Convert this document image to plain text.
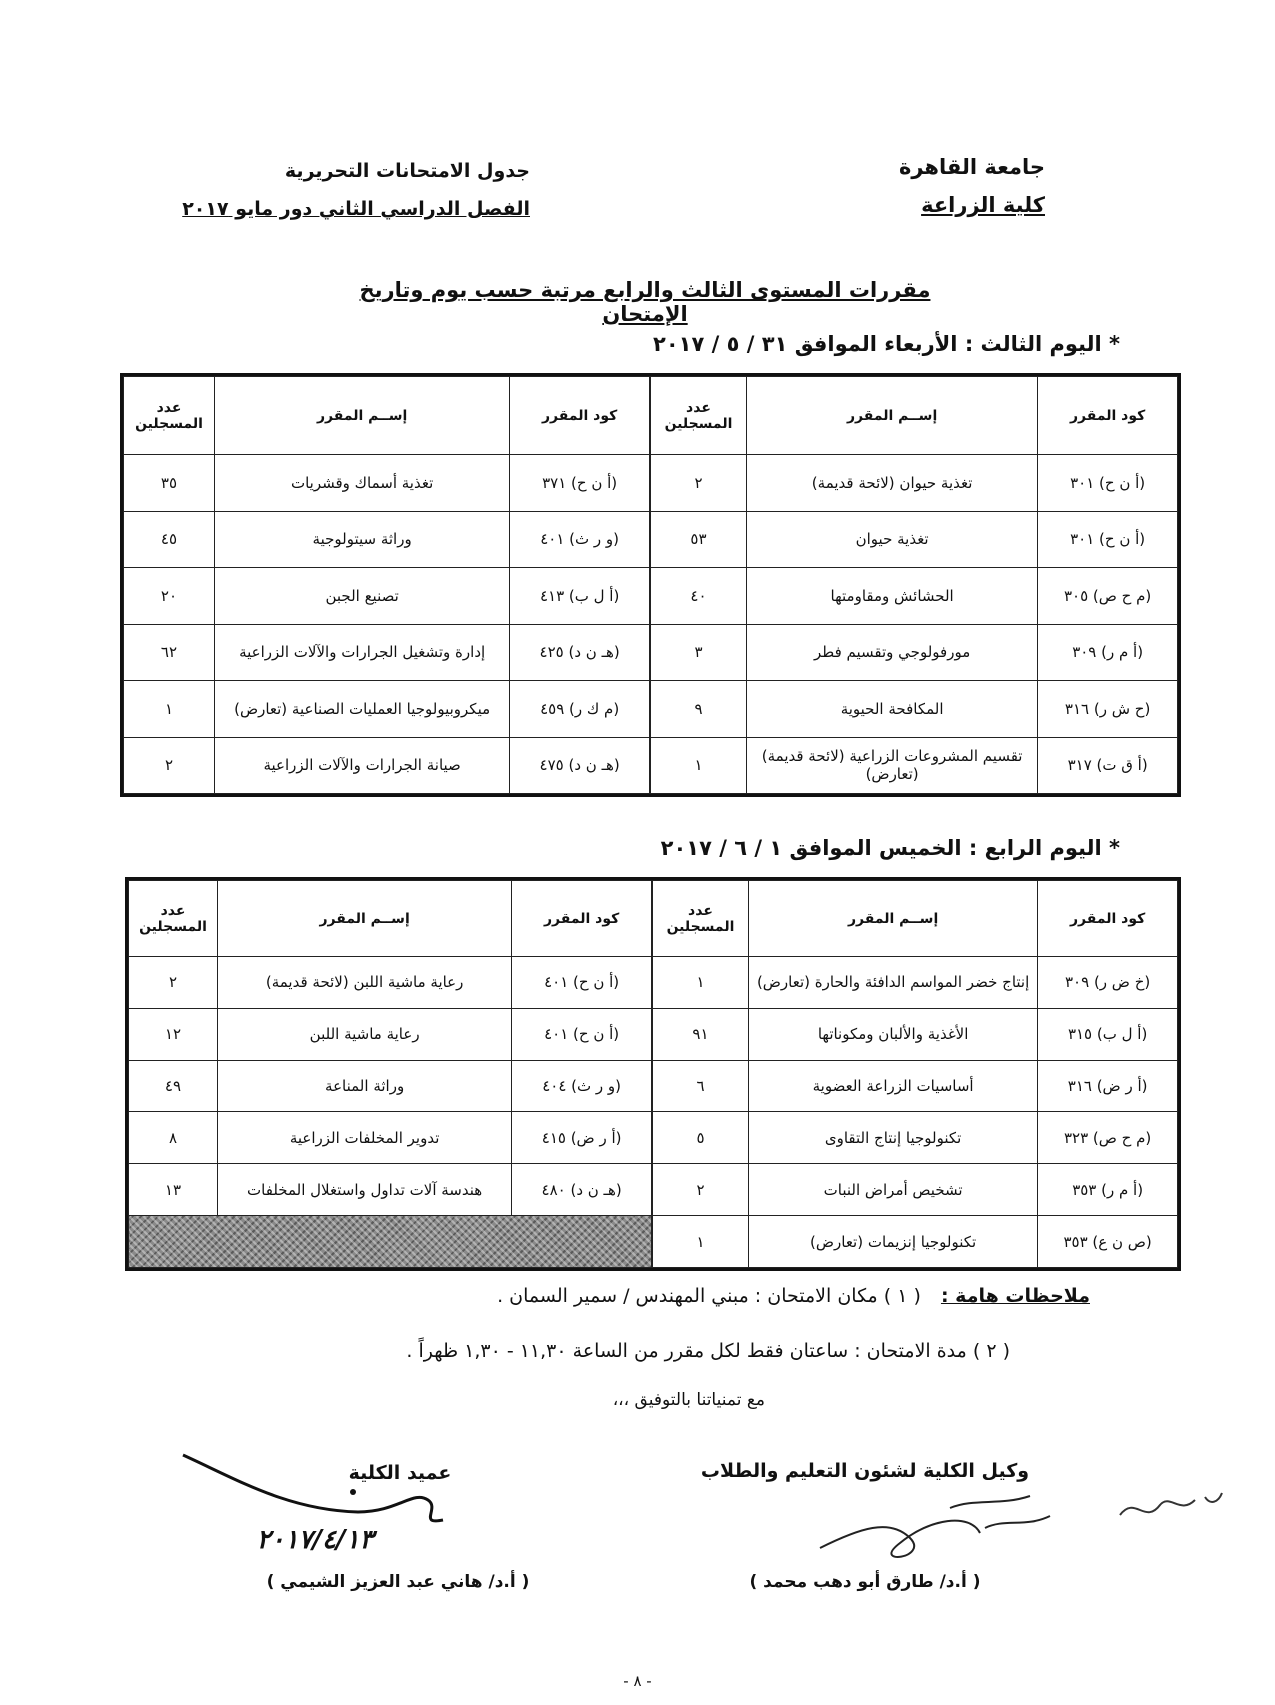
جامعة القاهرة
كلية الزراعة
جدول الامتحانات التحريرية
الفصل الدراسي الثاني دور مايو ٢٠١٧
مقررات المستوى الثالث والرابع مرتبة حسب يوم وتاريخ الإمتحان
* اليوم الثالث : الأربعاء الموافق ٣١ / ٥ / ٢٠١٧
كود المقرر	إســم المقرر	عدد المسجلين
(أ ن ح) ٣٠١	تغذية حيوان (لائحة قديمة)	٢
(أ ن ح) ٣٠١	تغذية حيوان	٥٣
(م ح ص) ٣٠٥	الحشائش ومقاومتها	٤٠
(أ م ر) ٣٠٩	مورفولوجي وتقسيم فطر	٣
(ح ش ر) ٣١٦	المكافحة الحيوية	٩
(أ ق ت) ٣١٧	تقسيم المشروعات الزراعية (لائحة قديمة) (تعارض)	١
كود المقرر	إســم المقرر	عدد المسجلين
(أ ن ح) ٣٧١	تغذية أسماك وقشريات	٣٥
(و ر ث) ٤٠١	وراثة سيتولوجية	٤٥
(أ ل ب) ٤١٣	تصنيع الجبن	٢٠
(هـ ن د) ٤٢٥	إدارة وتشغيل الجرارات والآلات الزراعية	٦٢
(م ك ر) ٤٥٩	ميكروبيولوجيا العمليات الصناعية (تعارض)	١
(هـ ن د) ٤٧٥	صيانة الجرارات والآلات الزراعية	٢
* اليوم الرابع : الخميس الموافق ١ / ٦ / ٢٠١٧
كود المقرر	إســم المقرر	عدد المسجلين
(خ ض ر) ٣٠٩	إنتاج خضر المواسم الدافئة والحارة (تعارض)	١
(أ ل ب) ٣١٥	الأغذية والألبان ومكوناتها	٩١
(أ ر ض) ٣١٦	أساسيات الزراعة العضوية	٦
(م ح ص) ٣٢٣	تكنولوجيا إنتاج التقاوى	٥
(أ م ر) ٣٥٣	تشخيص أمراض النبات	٢
(ص ن ع) ٣٥٣	تكنولوجيا إنزيمات (تعارض)	١
كود المقرر	إســم المقرر	عدد المسجلين
(أ ن ح) ٤٠١	رعاية ماشية اللبن (لائحة قديمة)	٢
(أ ن ح) ٤٠١	رعاية ماشية اللبن	١٢
(و ر ث) ٤٠٤	وراثة المناعة	٤٩
(أ ر ض) ٤١٥	تدوير المخلفات الزراعية	٨
(هـ ن د) ٤٨٠	هندسة آلات تداول واستغلال المخلفات	١٣

ملاحظات هامة : ( ١ ) مكان الامتحان : مبني المهندس / سمير السمان .
( ٢ ) مدة الامتحان : ساعتان فقط لكل مقرر من الساعة ١١,٣٠ - ١,٣٠ ظهراً .
مع تمنياتنا بالتوفيق ،،،
وكيل الكلية لشئون التعليم والطلاب
( أ.د/ طارق أبو دهب محمد )
عميد الكلية
٢٠١٧/٤/١٣
( أ.د/ هاني عبد العزيز الشيمي )
- ٨ -
